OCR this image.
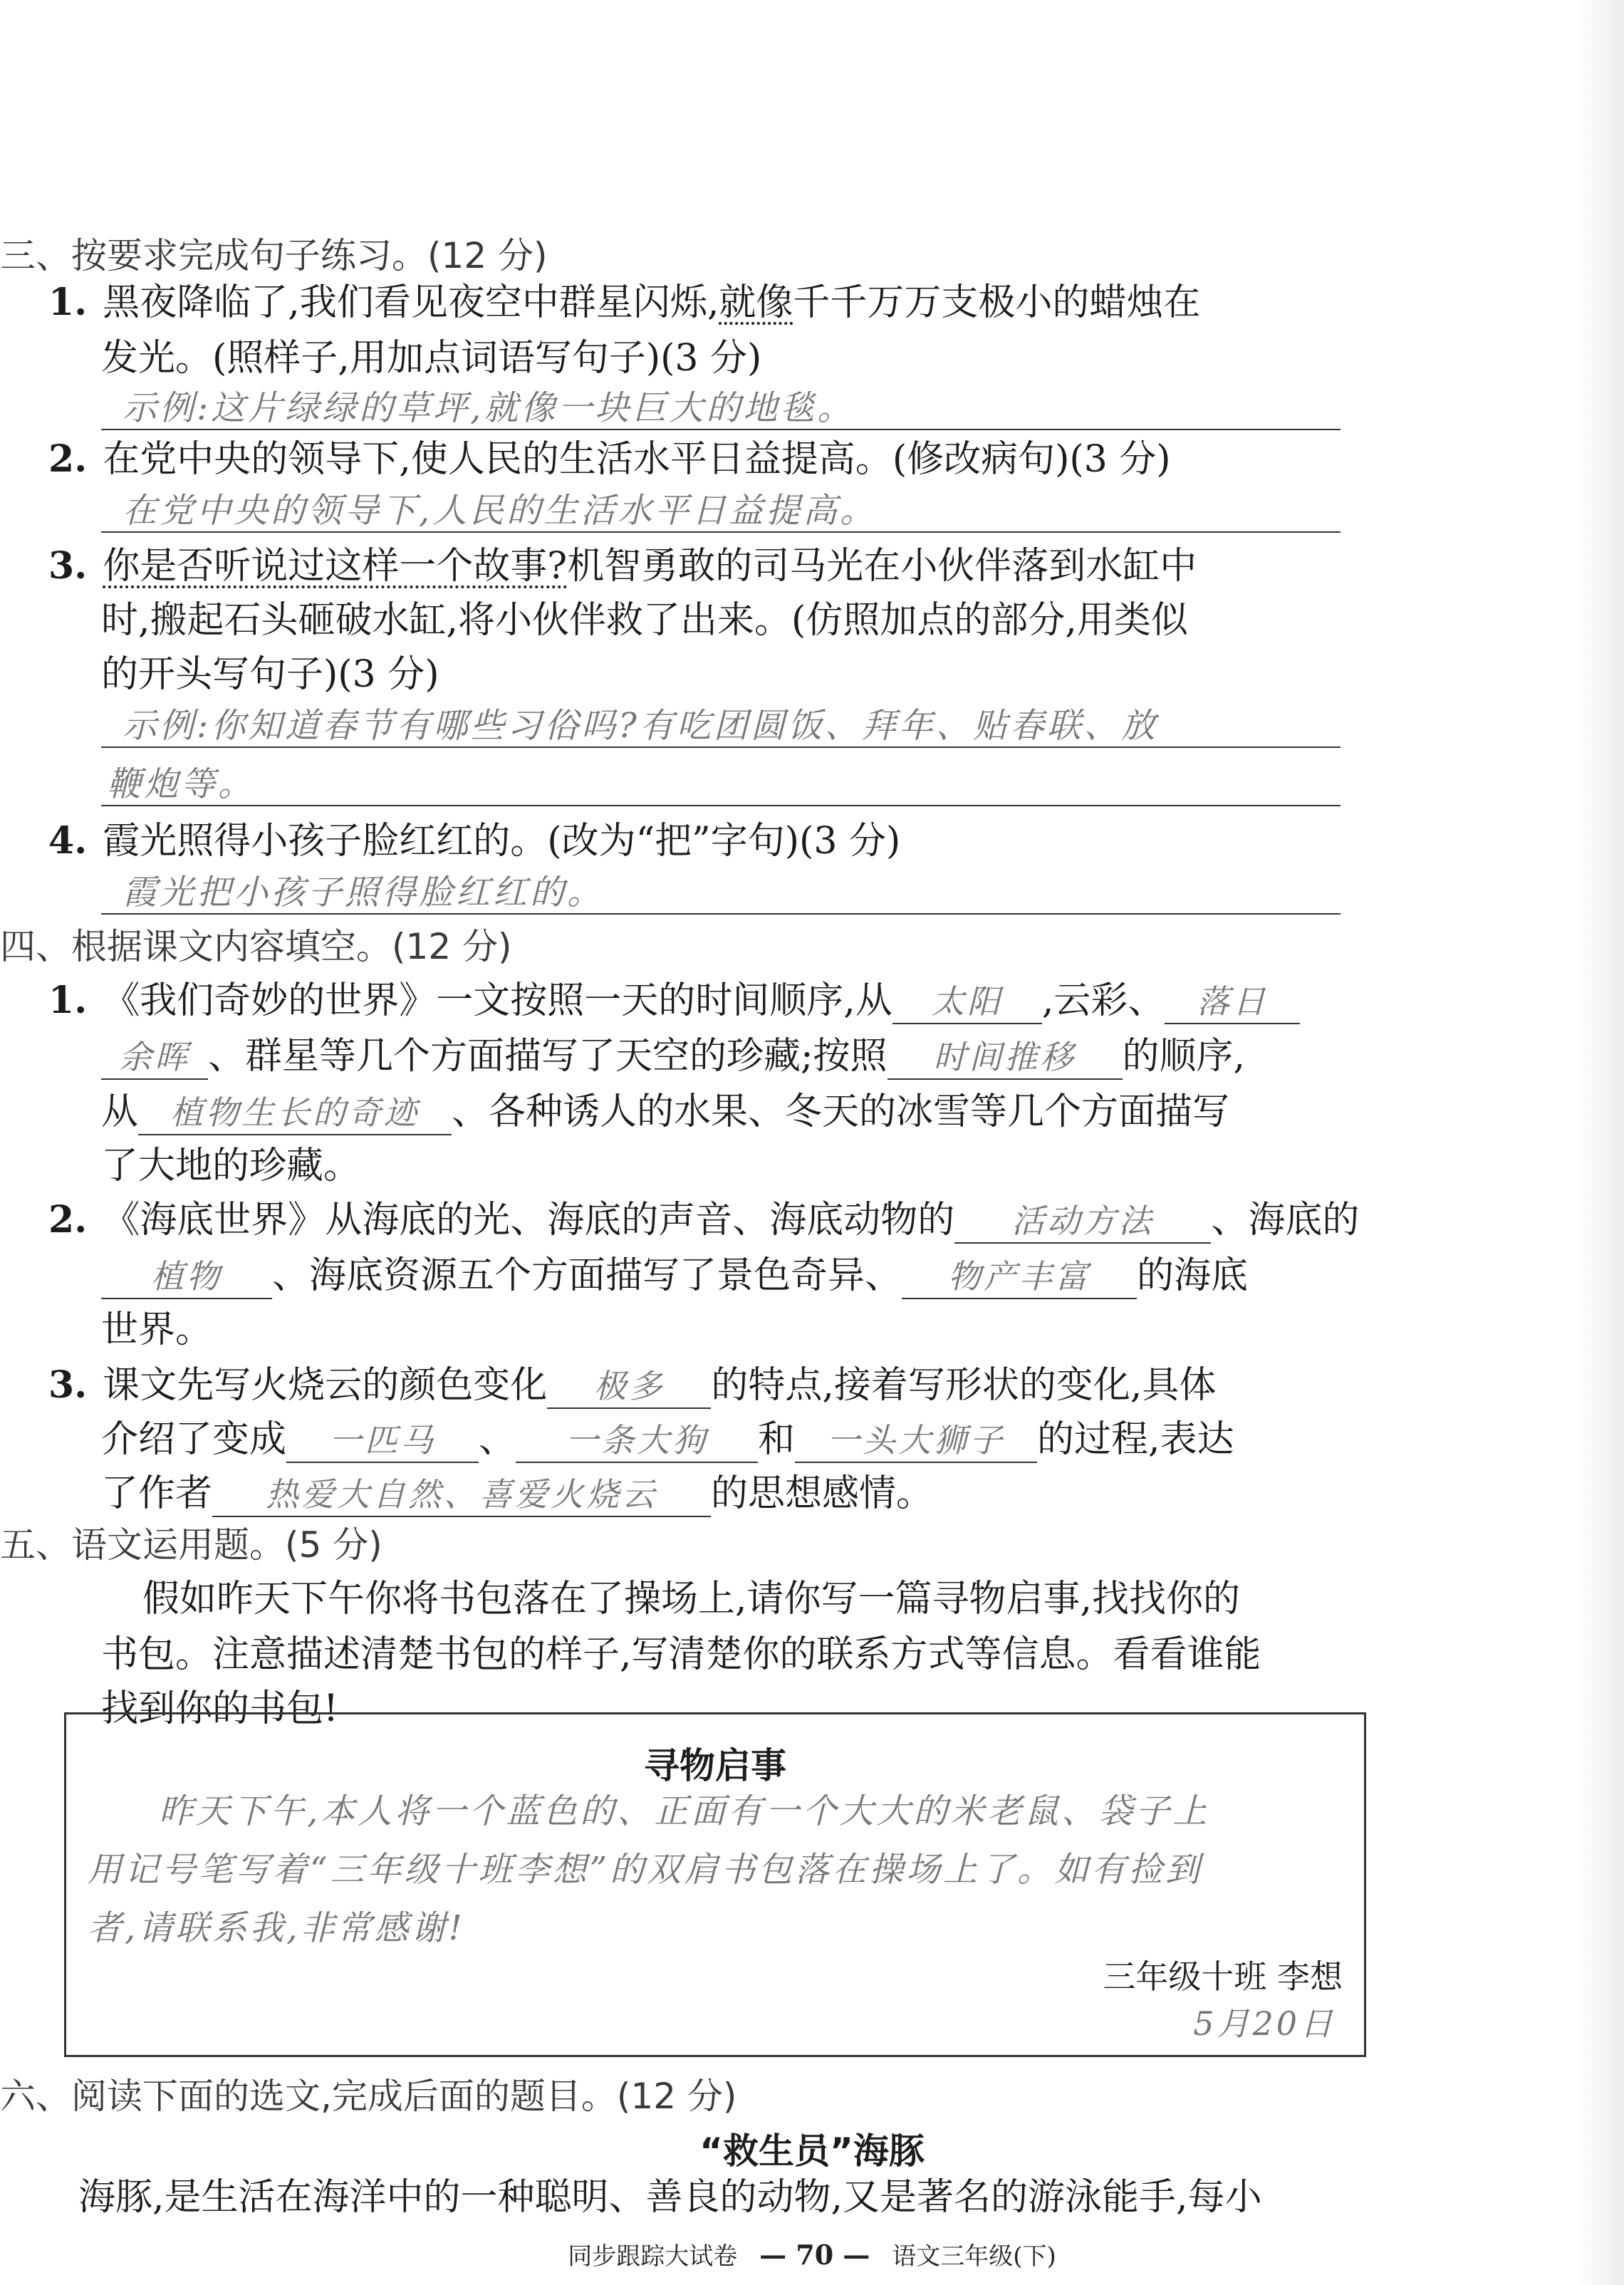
三、按要求完成句子练习。(12 分)
1. 黑夜降临了,我们看见夜空中群星闪烁,就像千千万万支极小的蜡烛在
发光。(照样子,用加点词语写句子)(3 分)
示例:这片绿绿的草坪,就像一块巨大的地毯。
2. 在党中央的领导下,使人民的生活水平日益提高。(修改病句)(3 分)
在党中央的领导下,人民的生活水平日益提高。
3. 你是否听说过这样一个故事?机智勇敢的司马光在小伙伴落到水缸中
时,搬起石头砸破水缸,将小伙伴救了出来。(仿照加点的部分,用类似
的开头写句子)(3 分)
示例:你知道春节有哪些习俗吗?有吃团圆饭、拜年、贴春联、放
鞭炮等。
4. 霞光照得小孩子脸红红的。(改为“把”字句)(3 分)
霞光把小孩子照得脸红红的。
四、根据课文内容填空。(12 分)
1. 《我们奇妙的世界》一文按照一天的时间顺序,从 太阳 ,云彩、 落日
余晖 、群星等几个方面描写了天空的珍藏;按照 时间推移 的顺序,
从 植物生长的奇迹 、各种诱人的水果、冬天的冰雪等几个方面描写
了大地的珍藏。
2. 《海底世界》从海底的光、海底的声音、海底动物的 活动方法 、海底的
植物 、海底资源五个方面描写了景色奇异、 物产丰富 的海底
世界。
3. 课文先写火烧云的颜色变化 极多 的特点,接着写形状的变化,具体
介绍了变成 一匹马 、 一条大狗 和 一头大狮子 的过程,表达
了作者 热爱大自然、喜爱火烧云 的思想感情。
五、语文运用题。(5 分)
假如昨天下午你将书包落在了操场上,请你写一篇寻物启事,找找你的
书包。注意描述清楚书包的样子,写清楚你的联系方式等信息。看看谁能
找到你的书包!
寻物启事
昨天下午,本人将一个蓝色的、正面有一个大大的米老鼠、袋子上
用记号笔写着“三年级十班李想”的双肩书包落在操场上了。如有捡到
者,请联系我,非常感谢!
三年级十班 李想
5月20日
六、阅读下面的选文,完成后面的题目。(12 分)
“救生员”海豚
海豚,是生活在海洋中的一种聪明、善良的动物,又是著名的游泳能手,每小
同步跟踪大试卷 — 70 — 语文三年级(下)
